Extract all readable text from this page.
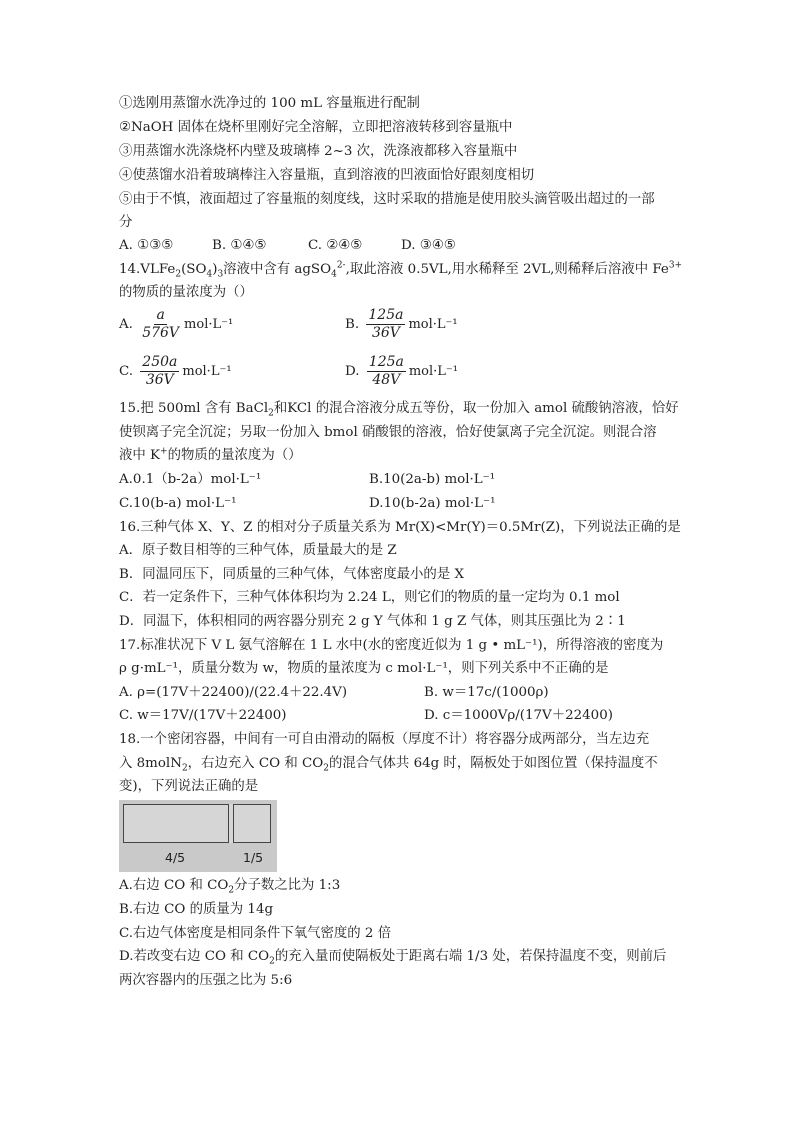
①选刚用蒸馏水洗净过的 100 mL 容量瓶进行配制
②NaOH 固体在烧杯里刚好完全溶解，立即把溶液转移到容量瓶中
③用蒸馏水洗涤烧杯内壁及玻璃棒 2~3 次，洗涤液都移入容量瓶中
④使蒸馏水沿着玻璃棒注入容量瓶，直到溶液的凹液面恰好跟刻度相切
⑤由于不慎，液面超过了容量瓶的刻度线，这时采取的措施是使用胶头滴管吸出超过的一部
分
A. ①③⑤	B. ①④⑤	C. ②④⑤	D. ③④⑤
$14.VLFe_2(SO_4)_3$溶液中含有 agSO$_4^{2-}$,取此溶液 0.5VL,用水稀释至 2VL,则稀释后溶液中 $Fe^{3+}$
的物质的量浓度为（）
A. $\frac{a}{576V} mol\cdot L^{-1}$	B. $\frac{125a}{36V} mol\cdot L^{-1}$
C. $\frac{250a}{36V} mol\cdot L^{-1}$	D. $\frac{125a}{48V} mol\cdot L^{-1}$
15.把 500ml 含有 BaCl$_2$和KCl 的混合溶液分成五等份，取一份加入 amol 硫酸钠溶液，恰好
使钡离子完全沉淀；另取一份加入 bmol 硝酸银的溶液，恰好使氯离子完全沉淀。则混合溶
液中 K+的物质的量浓度为（）
A.0.1（b-2a）mol·L⁻¹	B.10(2a-b) mol·L⁻¹
C.10(b-a) mol·L⁻¹	D.10(b-2a) mol·L⁻¹
16.三种气体 X、Y、Z 的相对分子质量关系为 Mr(X)<Mr(Y)＝0.5Mr(Z)，下列说法正确的是
A．原子数目相等的三种气体，质量最大的是 Z
B．同温同压下，同质量的三种气体，气体密度最小的是 X
C．若一定条件下，三种气体体积均为 2.24 L，则它们的物质的量一定均为 0.1 mol
D．同温下，体积相同的两容器分别充 2 g Y 气体和 1 g Z 气体，则其压强比为 2∶1
17.标准状况下 V L 氨气溶解在 1 L 水中(水的密度近似为 1 g • mL⁻¹)，所得溶液的密度为
ρ g·mL⁻¹，质量分数为 w，物质的量浓度为 c mol·L⁻¹，则下列关系中不正确的是
A. ρ=(17V＋22400)/(22.4＋22.4V)	B. w＝17c/(1000ρ)
C. w＝17V/(17V＋22400)	D. c＝1000Vρ/(17V＋22400)
18.一个密闭容器，中间有一可自由滑动的隔板（厚度不计）将容器分成两部分，当左边充
入 8molN$_2$，右边充入 CO 和 $CO_2$的混合气体共 64g 时，隔板处于如图位置（保持温度不
变)，下列说法正确的是
4/5	1/5
A.右边 CO 和 $CO_2$分子数之比为 1:3
B.右边 CO 的质量为 14g
C.右边气体密度是相同条件下氧气密度的 2 倍
D.若改变右边 CO 和 $CO_2$的充入量而使隔板处于距离右端 1/3 处，若保持温度不变，则前后
两次容器内的压强之比为 5:6
